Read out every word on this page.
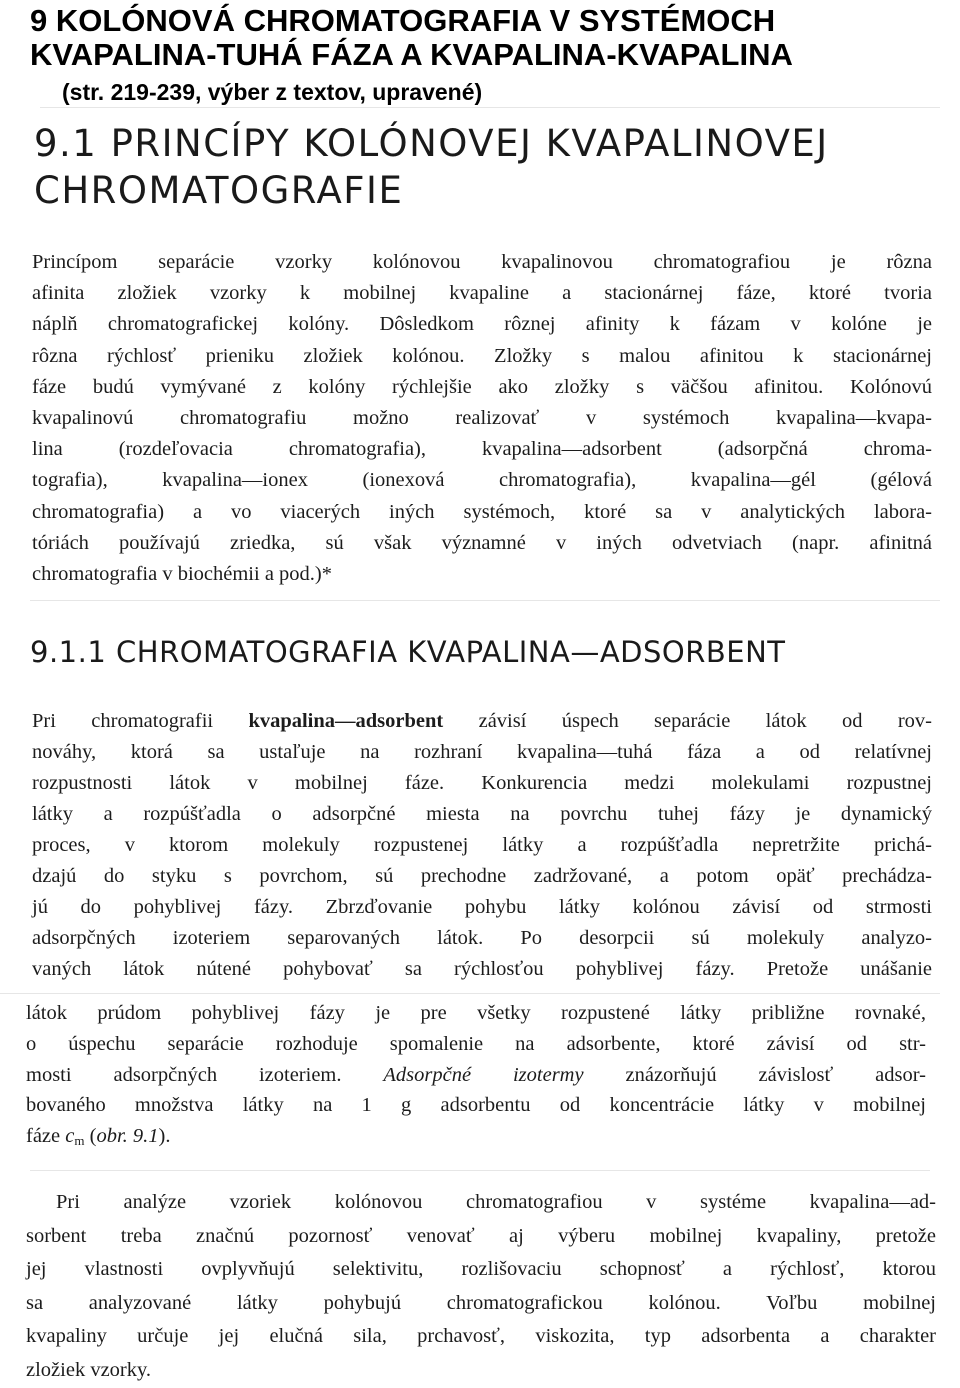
9 KOLÓNOVÁ CHROMATOGRAFIA V SYSTÉMOCH
KVAPALINA-TUHÁ FÁZA A KVAPALINA-KVAPALINA
(str. 219-239, výber z textov, upravené)
9.1 PRINCÍPY KOLÓNOVEJ KVAPALINOVEJ
CHROMATOGRAFIE
Princípom separácie vzorky kolónovou kvapalinovou chromatografiou je rôzna
afinita zložiek vzorky k mobilnej kvapaline a stacionárnej fáze, ktoré tvoria
náplň chromatografickej kolóny. Dôsledkom rôznej afinity k fázam v kolóne je
rôzna rýchlosť prieniku zložiek kolónou. Zložky s malou afinitou k stacionárnej
fáze budú vymývané z kolóny rýchlejšie ako zložky s väčšou afinitou. Kolónovú
kvapalinovú chromatografiu možno realizovať v systémoch kvapalina—kvapa-
lina (rozdeľovacia chromatografia), kvapalina—adsorbent (adsorpčná chroma-
tografia), kvapalina—ionex (ionexová chromatografia), kvapalina—gél (gélová
chromatografia) a vo viacerých iných systémoch, ktoré sa v analytických labora-
tóriách používajú zriedka, sú však významné v iných odvetviach (napr. afinitná
chromatografia v biochémii a pod.)*
9.1.1 CHROMATOGRAFIA KVAPALINA—ADSORBENT
Pri chromatografii kvapalina—adsorbent závisí úspech separácie látok od rov-
nováhy, ktorá sa ustaľuje na rozhraní kvapalina—tuhá fáza a od relatívnej
rozpustnosti látok v mobilnej fáze. Konkurencia medzi molekulami rozpustnej
látky a rozpúšťadla o adsorpčné miesta na povrchu tuhej fázy je dynamický
proces, v ktorom molekuly rozpustenej látky a rozpúšťadla nepretržite prichá-
dzajú do styku s povrchom, sú prechodne zadržované, a potom opäť prechádza-
jú do pohyblivej fázy. Zbrzďovanie pohybu látky kolónou závisí od strmosti
adsorpčných izoteriem separovaných látok. Po desorpcii sú molekuly analyzo-
vaných látok nútené pohybovať sa rýchlosťou pohyblivej fázy. Pretože unášanie
látok prúdom pohyblivej fázy je pre všetky rozpustené látky približne rovnaké,
o úspechu separácie rozhoduje spomalenie na adsorbente, ktoré závisí od str-
mosti adsorpčných izoteriem. Adsorpčné izotermy znázorňujú závislosť adsor-
bovaného množstva látky na 1 g adsorbentu od koncentrácie látky v mobilnej
fáze $c_m$ (obr. 9.1).
Pri analýze vzoriek kolónovou chromatografiou v systéme kvapalina—ad-
sorbent treba značnú pozornosť venovať aj výberu mobilnej kvapaliny, pretože
jej vlastnosti ovplyvňujú selektivitu, rozlišovaciu schopnosť a rýchlosť, ktorou
sa analyzované látky pohybujú chromatografickou kolónou. Voľbu mobilnej
kvapaliny určuje jej elučná sila, prchavosť, viskozita, typ adsorbenta a charakter
zložiek vzorky.
